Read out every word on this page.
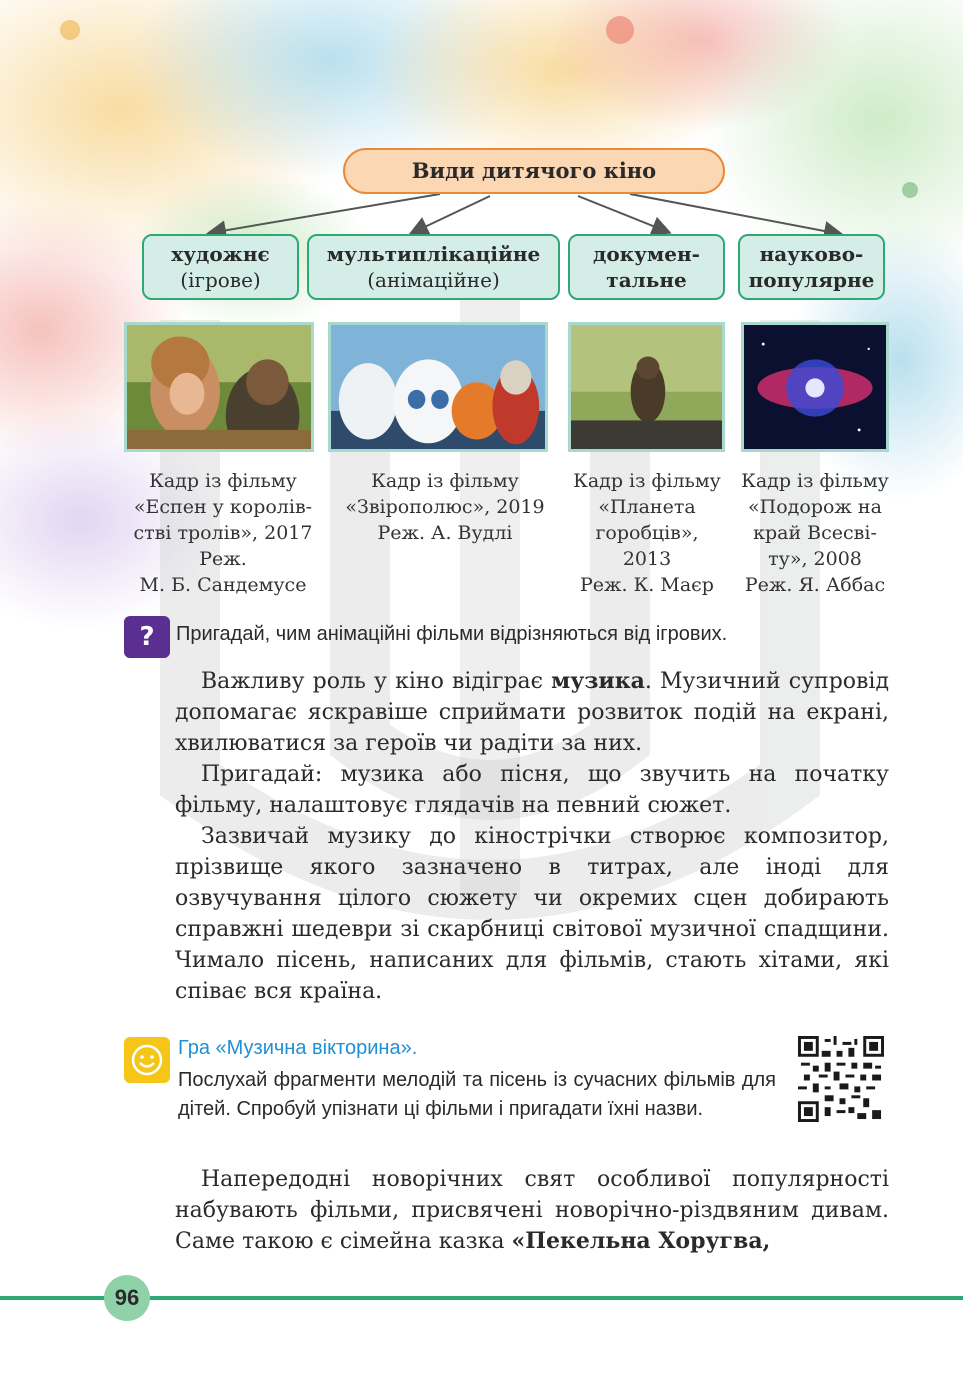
Види дитячого кіно
художнє
(ігрове)
мультиплікаційне
(анімаційне)
докумен-
тальне
науково-
популярне
Кадр із фільму
«Еспен у королів-
стві тролів», 2017
Реж.
М. Б. Сандемусе
Кадр із фільму
«Звірополюс», 2019
Реж. А. Вудлі
Кадр із фільму
«Планета
горобців»,
2013
Реж. К. Маєр
Кадр із фільму
«Подорож на
край Всесві-
ту», 2008
Реж. Я. Аббас
?	Пригадай, чим анімаційні фільми відрізняються від ігрових.

Важливу роль у кіно відіграє музика. Музичний супровід допомагає яскравіше сприймати розвиток подій на екрані, хвилюватися за героїв чи радіти за них.

Пригадай: музика або пісня, що звучить на початку фільму, налаштовує глядачів на певний сюжет.

Зазвичай музику до кінострічки створює композитор, прізвище якого зазначено в титрах, але іноді для озвучування цілого сюжету чи окремих сцен добирають справжні шедеври зі скарбниці світової музичної спадщини. Чимало пісень, написаних для фільмів, стають хітами, які співає вся країна.

Гра «Музична вікторина».
Послухай фрагменти мелодій та пісень із сучасних фільмів для дітей. Спробуй упізнати ці фільми і пригадати їхні назви.

Напередодні новорічних свят особливої популярності набувають фільми, присвячені новорічно-різдвяним дивам. Саме такою є сімейна казка «Пекельна Хоругва,

96
